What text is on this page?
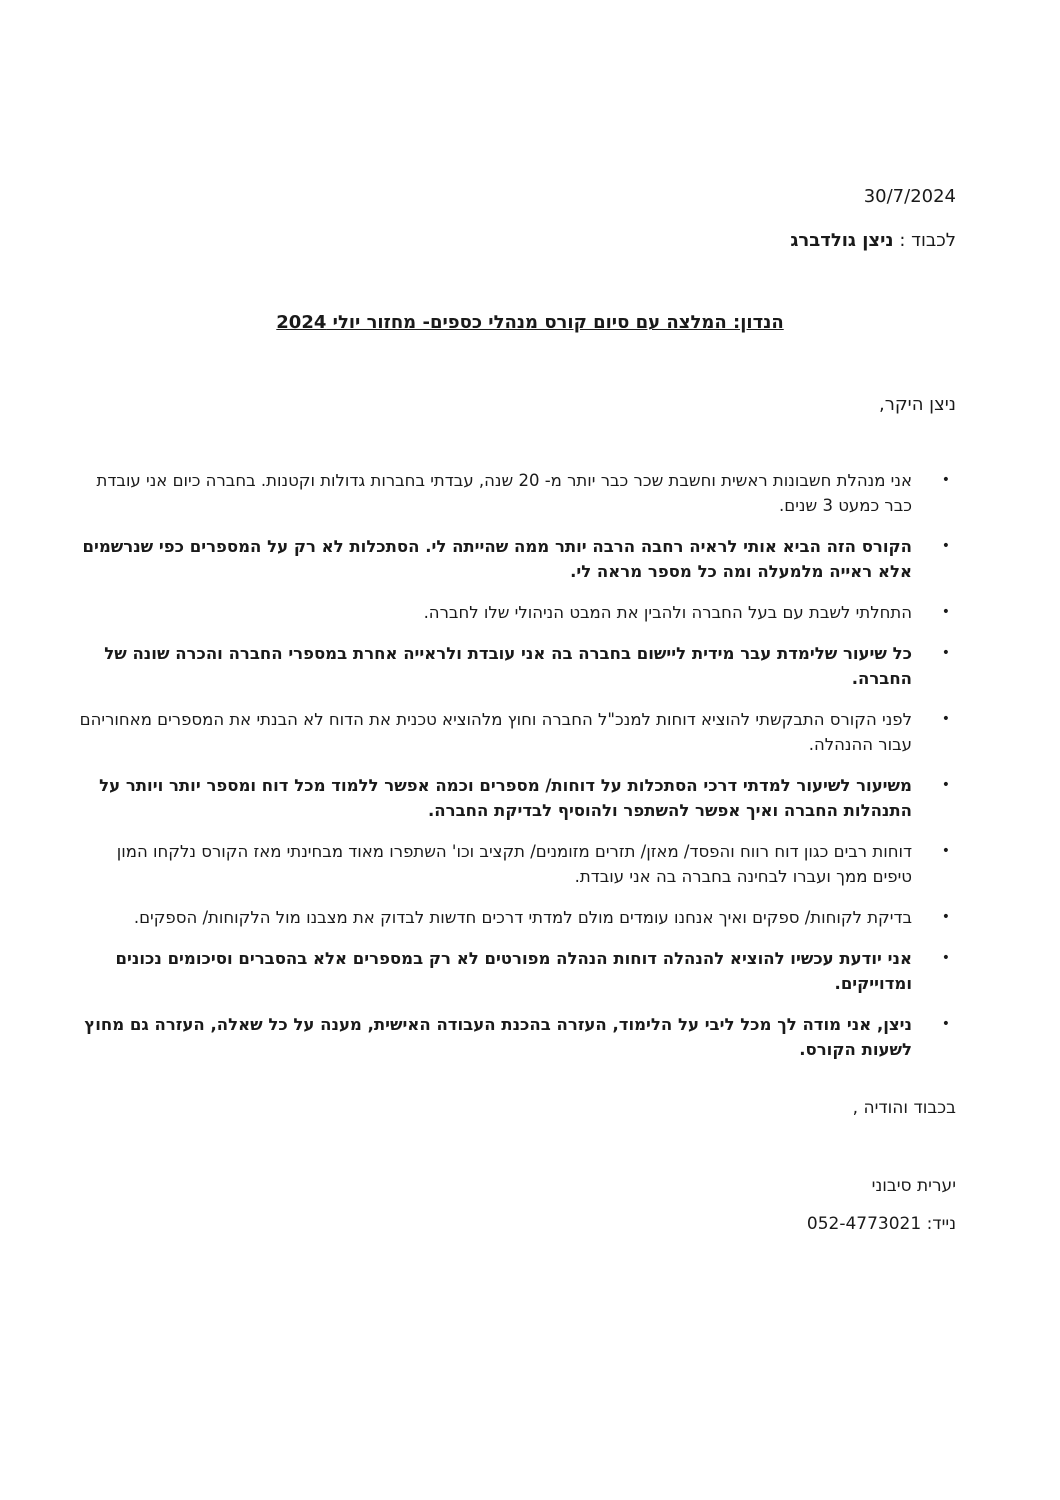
30/7/2024
לכבוד : ניצן גולדברג
הנדון: המלצה עם סיום קורס מנהלי כספים- מחזור יולי 2024
ניצן היקר,
•
אני מנהלת חשבונות ראשית וחשבת שכר כבר יותר מ- 20 שנה, עבדתי בחברות גדולות וקטנות. בחברה כיום אני עובדת כבר כמעט 3 שנים.
•
הקורס הזה הביא אותי לראיה רחבה הרבה יותר ממה שהייתה לי. הסתכלות לא רק על המספרים כפי שנרשמים אלא ראייה מלמעלה ומה כל מספר מראה לי.
•
התחלתי לשבת עם בעל החברה ולהבין את המבט הניהולי שלו לחברה.
•
כל שיעור שלימדת עבר מידית ליישום בחברה בה אני עובדת ולראייה אחרת במספרי החברה והכרה שונה של החברה.
•
לפני הקורס התבקשתי להוציא דוחות למנכ"ל החברה וחוץ מלהוציא טכנית את הדוח לא הבנתי את המספרים מאחוריהם עבור ההנהלה.
•
משיעור לשיעור למדתי דרכי הסתכלות על דוחות/ מספרים וכמה אפשר ללמוד מכל דוח ומספר יותר ויותר על התנהלות החברה ואיך אפשר להשתפר ולהוסיף לבדיקת החברה.
•
דוחות רבים כגון דוח רווח והפסד/ מאזן/ תזרים מזומנים/ תקציב וכו' השתפרו מאוד מבחינתי מאז הקורס נלקחו המון טיפים ממך ועברו לבחינה בחברה בה אני עובדת.
•
בדיקת לקוחות/ ספקים ואיך אנחנו עומדים מולם למדתי דרכים חדשות לבדוק את מצבנו מול הלקוחות/ הספקים.
•
אני יודעת עכשיו להוציא להנהלה דוחות הנהלה מפורטים לא רק במספרים אלא בהסברים וסיכומים נכונים ומדוייקים.
•
ניצן, אני מודה לך מכל ליבי על הלימוד, העזרה בהכנת העבודה האישית, מענה על כל שאלה, העזרה גם מחוץ לשעות הקורס.
בכבוד והודיה ,
יערית סיבוני
נייד: 052-4773021
